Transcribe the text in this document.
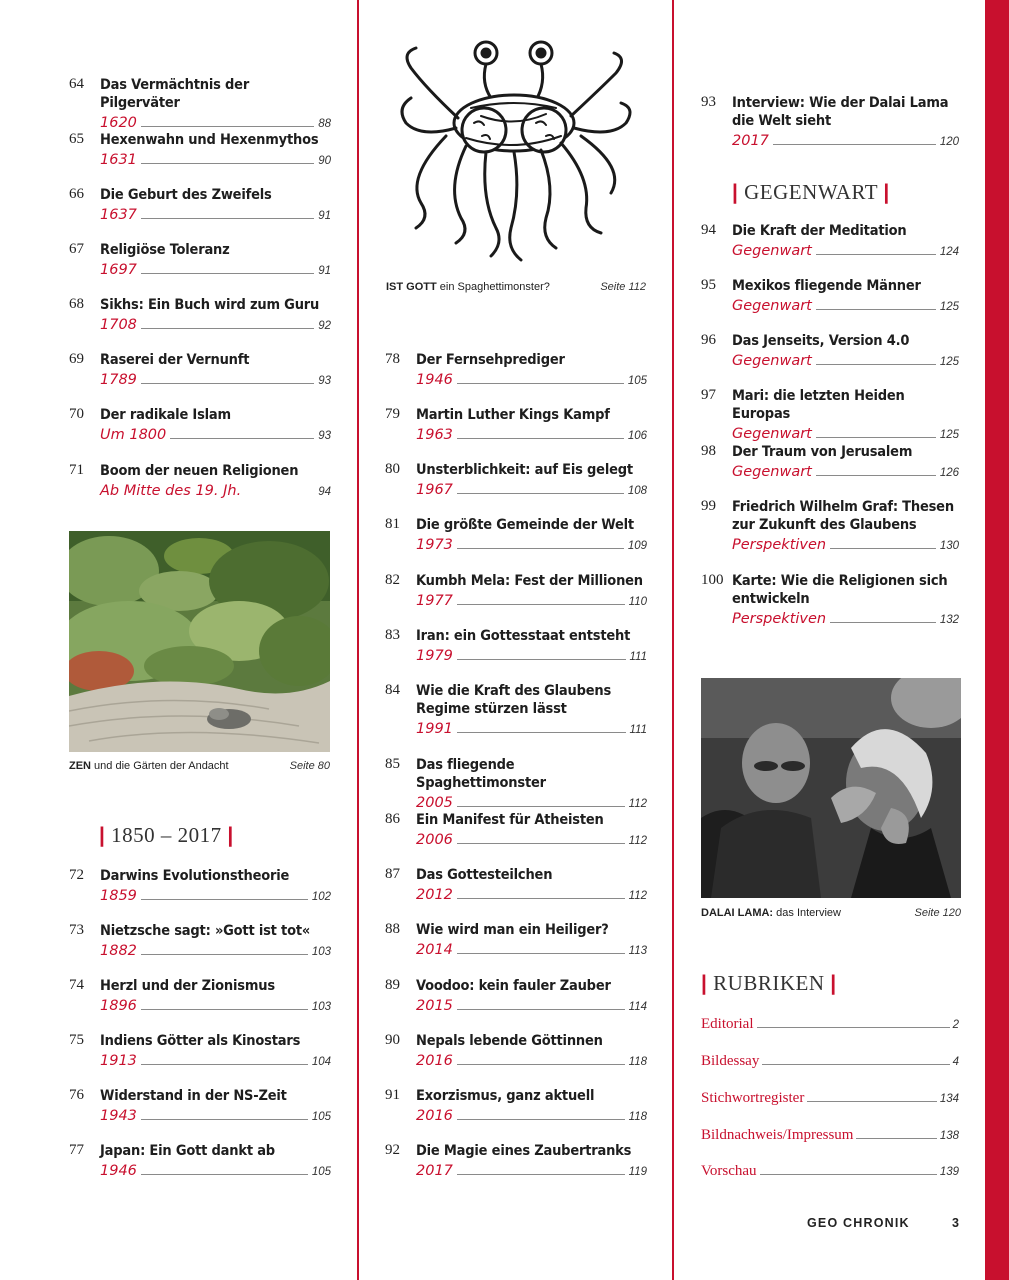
64	Das Vermächtnis der Pilgerväter
1620	88
65	Hexenwahn und Hexenmythos
1631	90
66	Die Geburt des Zweifels
1637	91
67	Religiöse Toleranz
1697	91
68	Sikhs: Ein Buch wird zum Guru
1708	92
69	Raserei der Vernunft
1789	93
70	Der radikale Islam
Um 1800	93
71	Boom der neuen Religionen
Ab Mitte des 19. Jh.	94
ZEN und die Gärten der Andacht	Seite 80
| 1850 – 2017 |
72	Darwins Evolutionstheorie
1859	102
73	Nietzsche sagt: »Gott ist tot«
1882	103
74	Herzl und der Zionismus
1896	103
75	Indiens Götter als Kinostars
1913	104
76	Widerstand in der NS-Zeit
1943	105
77	Japan: Ein Gott dankt ab
1946	105
IST GOTT ein Spaghettimonster?	Seite 112
78	Der Fernsehprediger
1946	105
79	Martin Luther Kings Kampf
1963	106
80	Unsterblichkeit: auf Eis gelegt
1967	108
81	Die größte Gemeinde der Welt
1973	109
82	Kumbh Mela: Fest der Millionen
1977	110
83	Iran: ein Gottesstaat entsteht
1979	111
84	Wie die Kraft des Glaubens
Regime stürzen lässt
1991	111
85	Das fliegende Spaghettimonster
2005	112
86	Ein Manifest für Atheisten
2006	112
87	Das Gottesteilchen
2012	112
88	Wie wird man ein Heiliger?
2014	113
89	Voodoo: kein fauler Zauber
2015	114
90	Nepals lebende Göttinnen
2016	118
91	Exorzismus, ganz aktuell
2016	118
92	Die Magie eines Zaubertranks
2017	119
93	Interview: Wie der Dalai Lama
die Welt sieht
2017	120
| GEGENWART |
94	Die Kraft der Meditation
Gegenwart	124
95	Mexikos fliegende Männer
Gegenwart	125
96	Das Jenseits, Version 4.0
Gegenwart	125
97	Mari: die letzten Heiden Europas
Gegenwart	125
98	Der Traum von Jerusalem
Gegenwart	126
99	Friedrich Wilhelm Graf: Thesen
zur Zukunft des Glaubens
Perspektiven	130
100 Karte: Wie die Religionen sich
entwickeln
Perspektiven	132
DALAI LAMA: das Interview	Seite 120
| RUBRIKEN |
Editorial	2
Bildessay	4
Stichwortregister	134
Bildnachweis/Impressum	138
Vorschau	139
GEO CHRONIK	3
